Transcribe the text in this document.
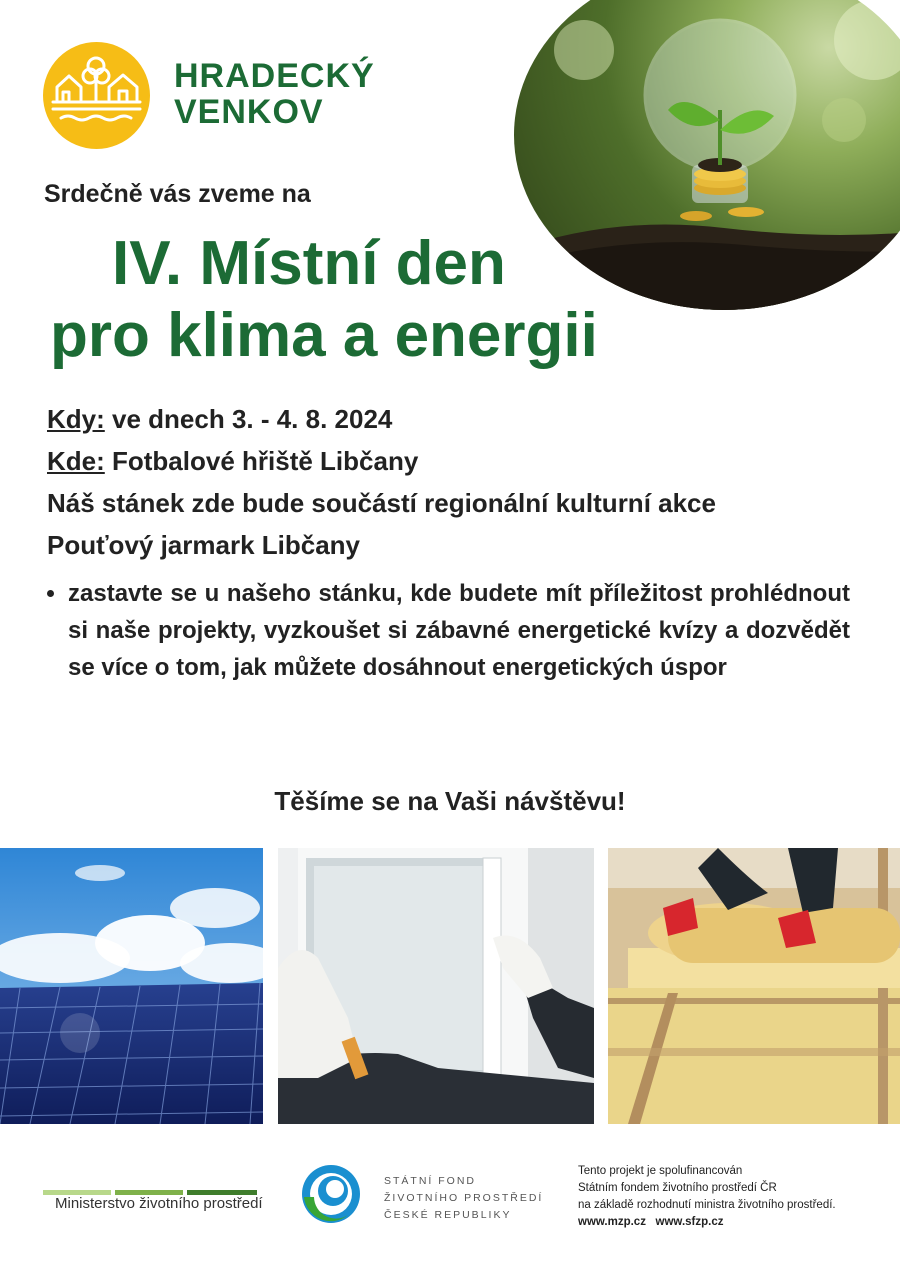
HRADECKÝ
VENKOV
Srdečně vás zveme na
IV. Místní den
pro klima a energii
Kdy: ve dnech 3. - 4. 8. 2024
Kde: Fotbalové hřiště Libčany
Náš stánek zde bude součástí regionální kulturní akce
Pouťový jarmark Libčany
• zastavte se u našeho stánku, kde budete mít příležitost prohlédnout si naše projekty, vyzkoušet si zábavné energetické kvízy a dozvědět se více o tom, jak můžete dosáhnout energetických úspor
Těšíme se na Vaši návštěvu!
Ministerstvo životního prostředí
STÁTNÍ FOND
ŽIVOTNÍHO PROSTŘEDÍ
ČESKÉ REPUBLIKY
Tento projekt je spolufinancován
Státním fondem životního prostředí ČR
na základě rozhodnutí ministra životního prostředí.
www.mzp.cz   www.sfzp.cz
